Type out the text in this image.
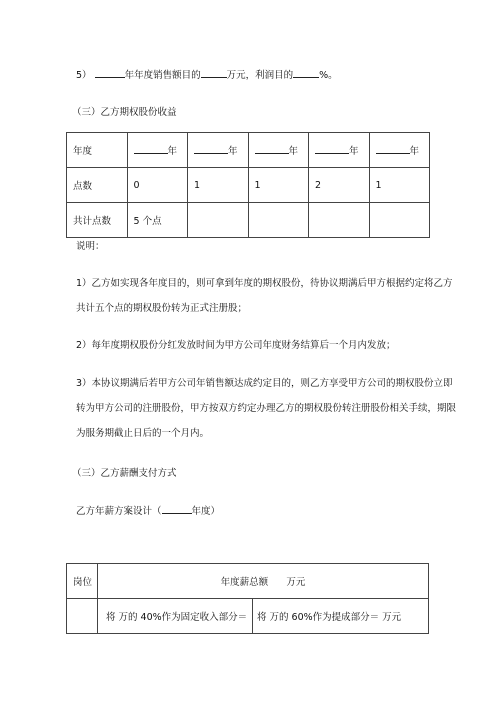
5）	年年度销售额目的	万元，利润目的	%。
（三）乙方期权股份收益
年度	年	年	年	年	年
点数	0	1	1	2	1
共计点数	5 个点				
说明：
1）乙方如实现各年度目的，则可拿到年度的期权股份，待协议期满后甲方根据约定将乙方
共计五个点的期权股份转为正式注册股；
2）每年度期权股份分红发放时间为甲方公司年度财务结算后一个月内发放；
3）本协议期满后若甲方公司年销售额达成约定目的，则乙方享受甲方公司的期权股份立即
转为甲方公司的注册股份，甲方按双方约定办理乙方的期权股份转注册股份相关手续，期限
为服务期截止日后的一个月内。
（三）乙方薪酬支付方式
乙方年薪方案设计（	年度）
岗位	年度薪总额 万元	
	将 万的 40%作为固定收入部分＝	将 万的 60%作为提成部分＝ 万元
